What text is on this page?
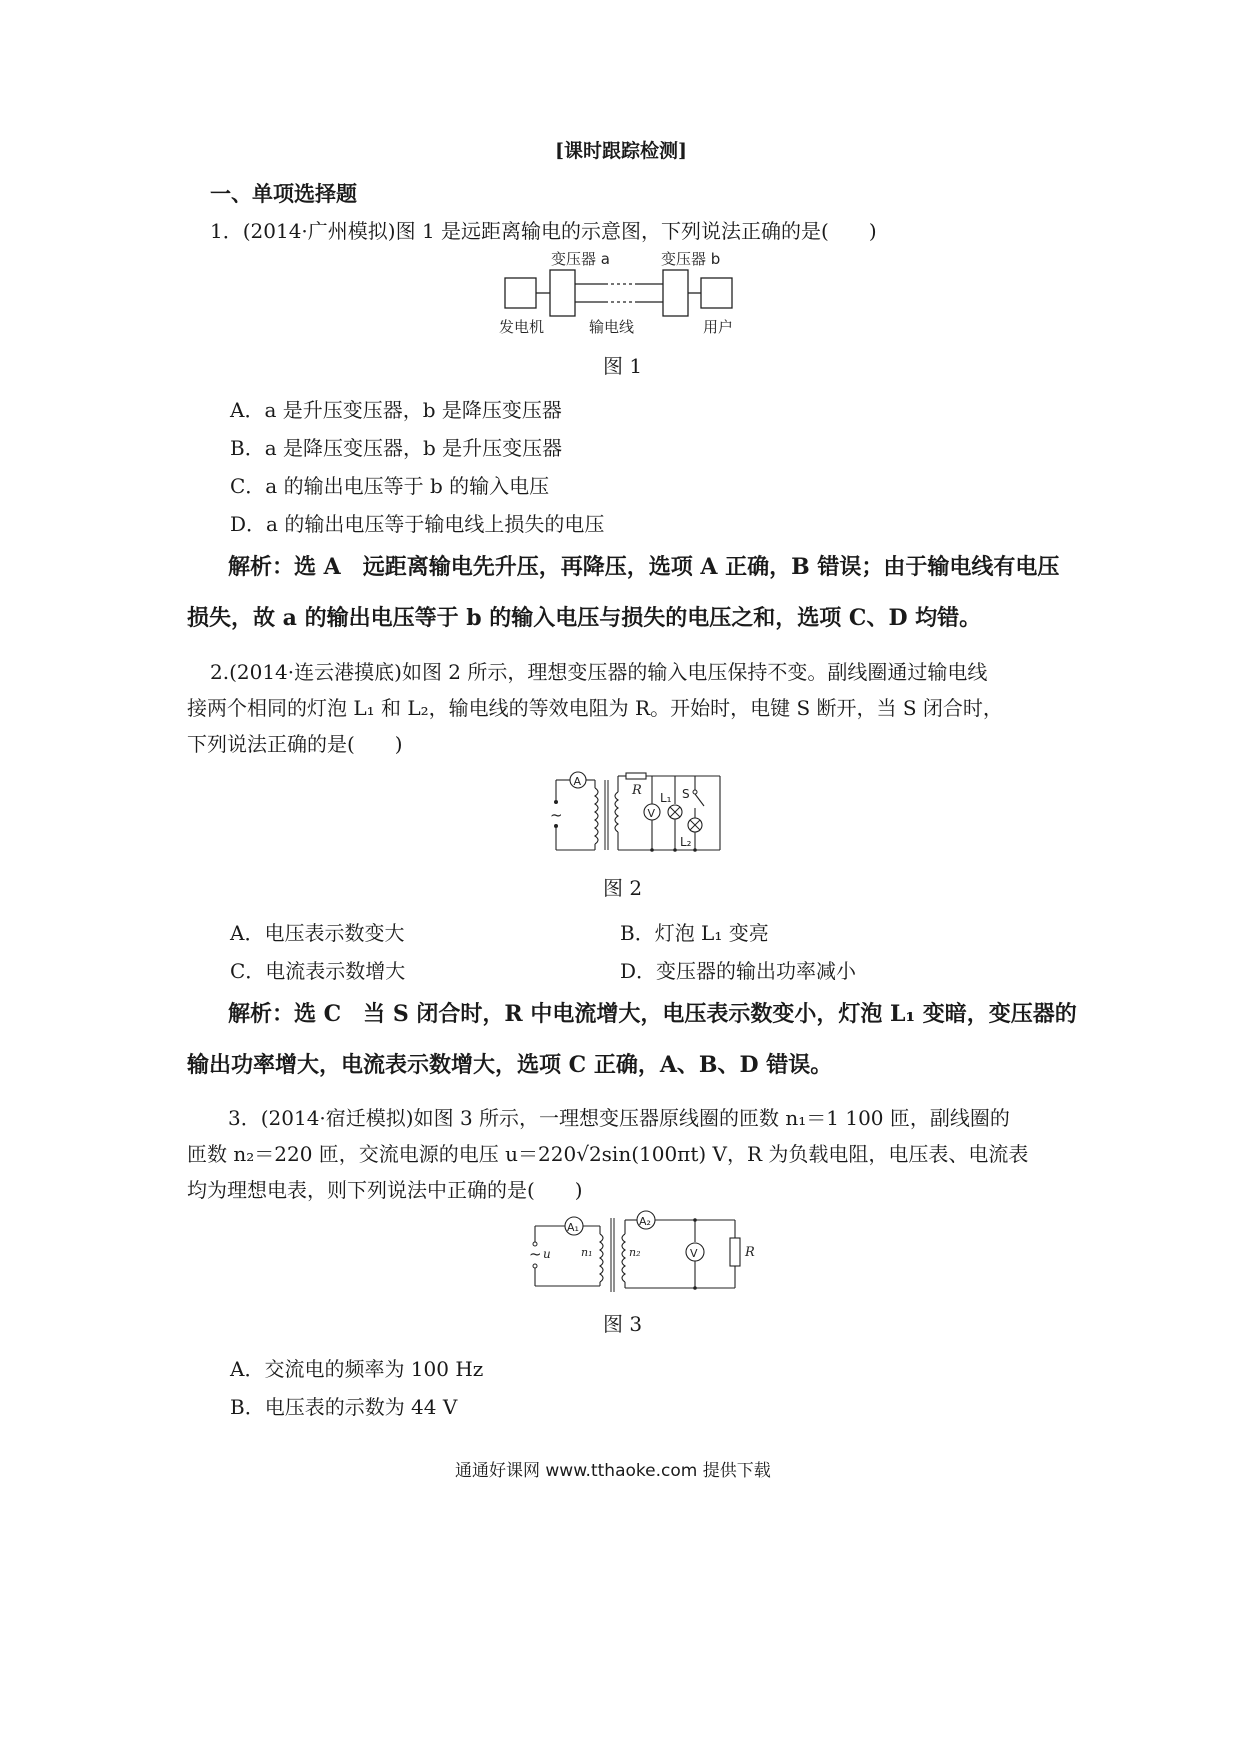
[课时跟踪检测]
一、单项选择题
1．(2014·广州模拟)图 1 是远距离输电的示意图，下列说法正确的是(　　)
变压器 a	变压器 b
发电机	输电线	用户
图 1
A．a 是升压变压器，b 是降压变压器
B．a 是降压变压器，b 是升压变压器
C．a 的输出电压等于 b 的输入电压
D．a 的输出电压等于输电线上损失的电压
解析：选 A　远距离输电先升压，再降压，选项 A 正确，B 错误；由于输电线有电压
损失，故 a 的输出电压等于 b 的输入电压与损失的电压之和，选项 C、D 均错。
2.(2014·连云港摸底)如图 2 所示，理想变压器的输入电压保持不变。副线圈通过输电线
接两个相同的灯泡 L₁ 和 L₂，输电线的等效电阻为 R。开始时，电键 S 断开，当 S 闭合时，
下列说法正确的是(　　)
A
~
R
V
L₁ S
L₂
图 2
A．电压表示数变大	B．灯泡 L₁ 变亮
C．电流表示数增大	D．变压器的输出功率减小
解析：选 C　当 S 闭合时，R 中电流增大，电压表示数变小，灯泡 L₁ 变暗，变压器的
输出功率增大，电流表示数增大，选项 C 正确，A、B、D 错误。
3．(2014·宿迁模拟)如图 3 所示，一理想变压器原线圈的匝数 n₁＝1 100 匝，副线圈的
匝数 n₂＝220 匝，交流电源的电压 u＝220√2sin(100πt) V，R 为负载电阻，电压表、电流表
均为理想电表，则下列说法中正确的是(　　)
A₁
~ u	n₁	n₂
A₂
V	R
图 3
A．交流电的频率为 100 Hz
B．电压表的示数为 44 V
通通好课网 www.tthaoke.com 提供下载
